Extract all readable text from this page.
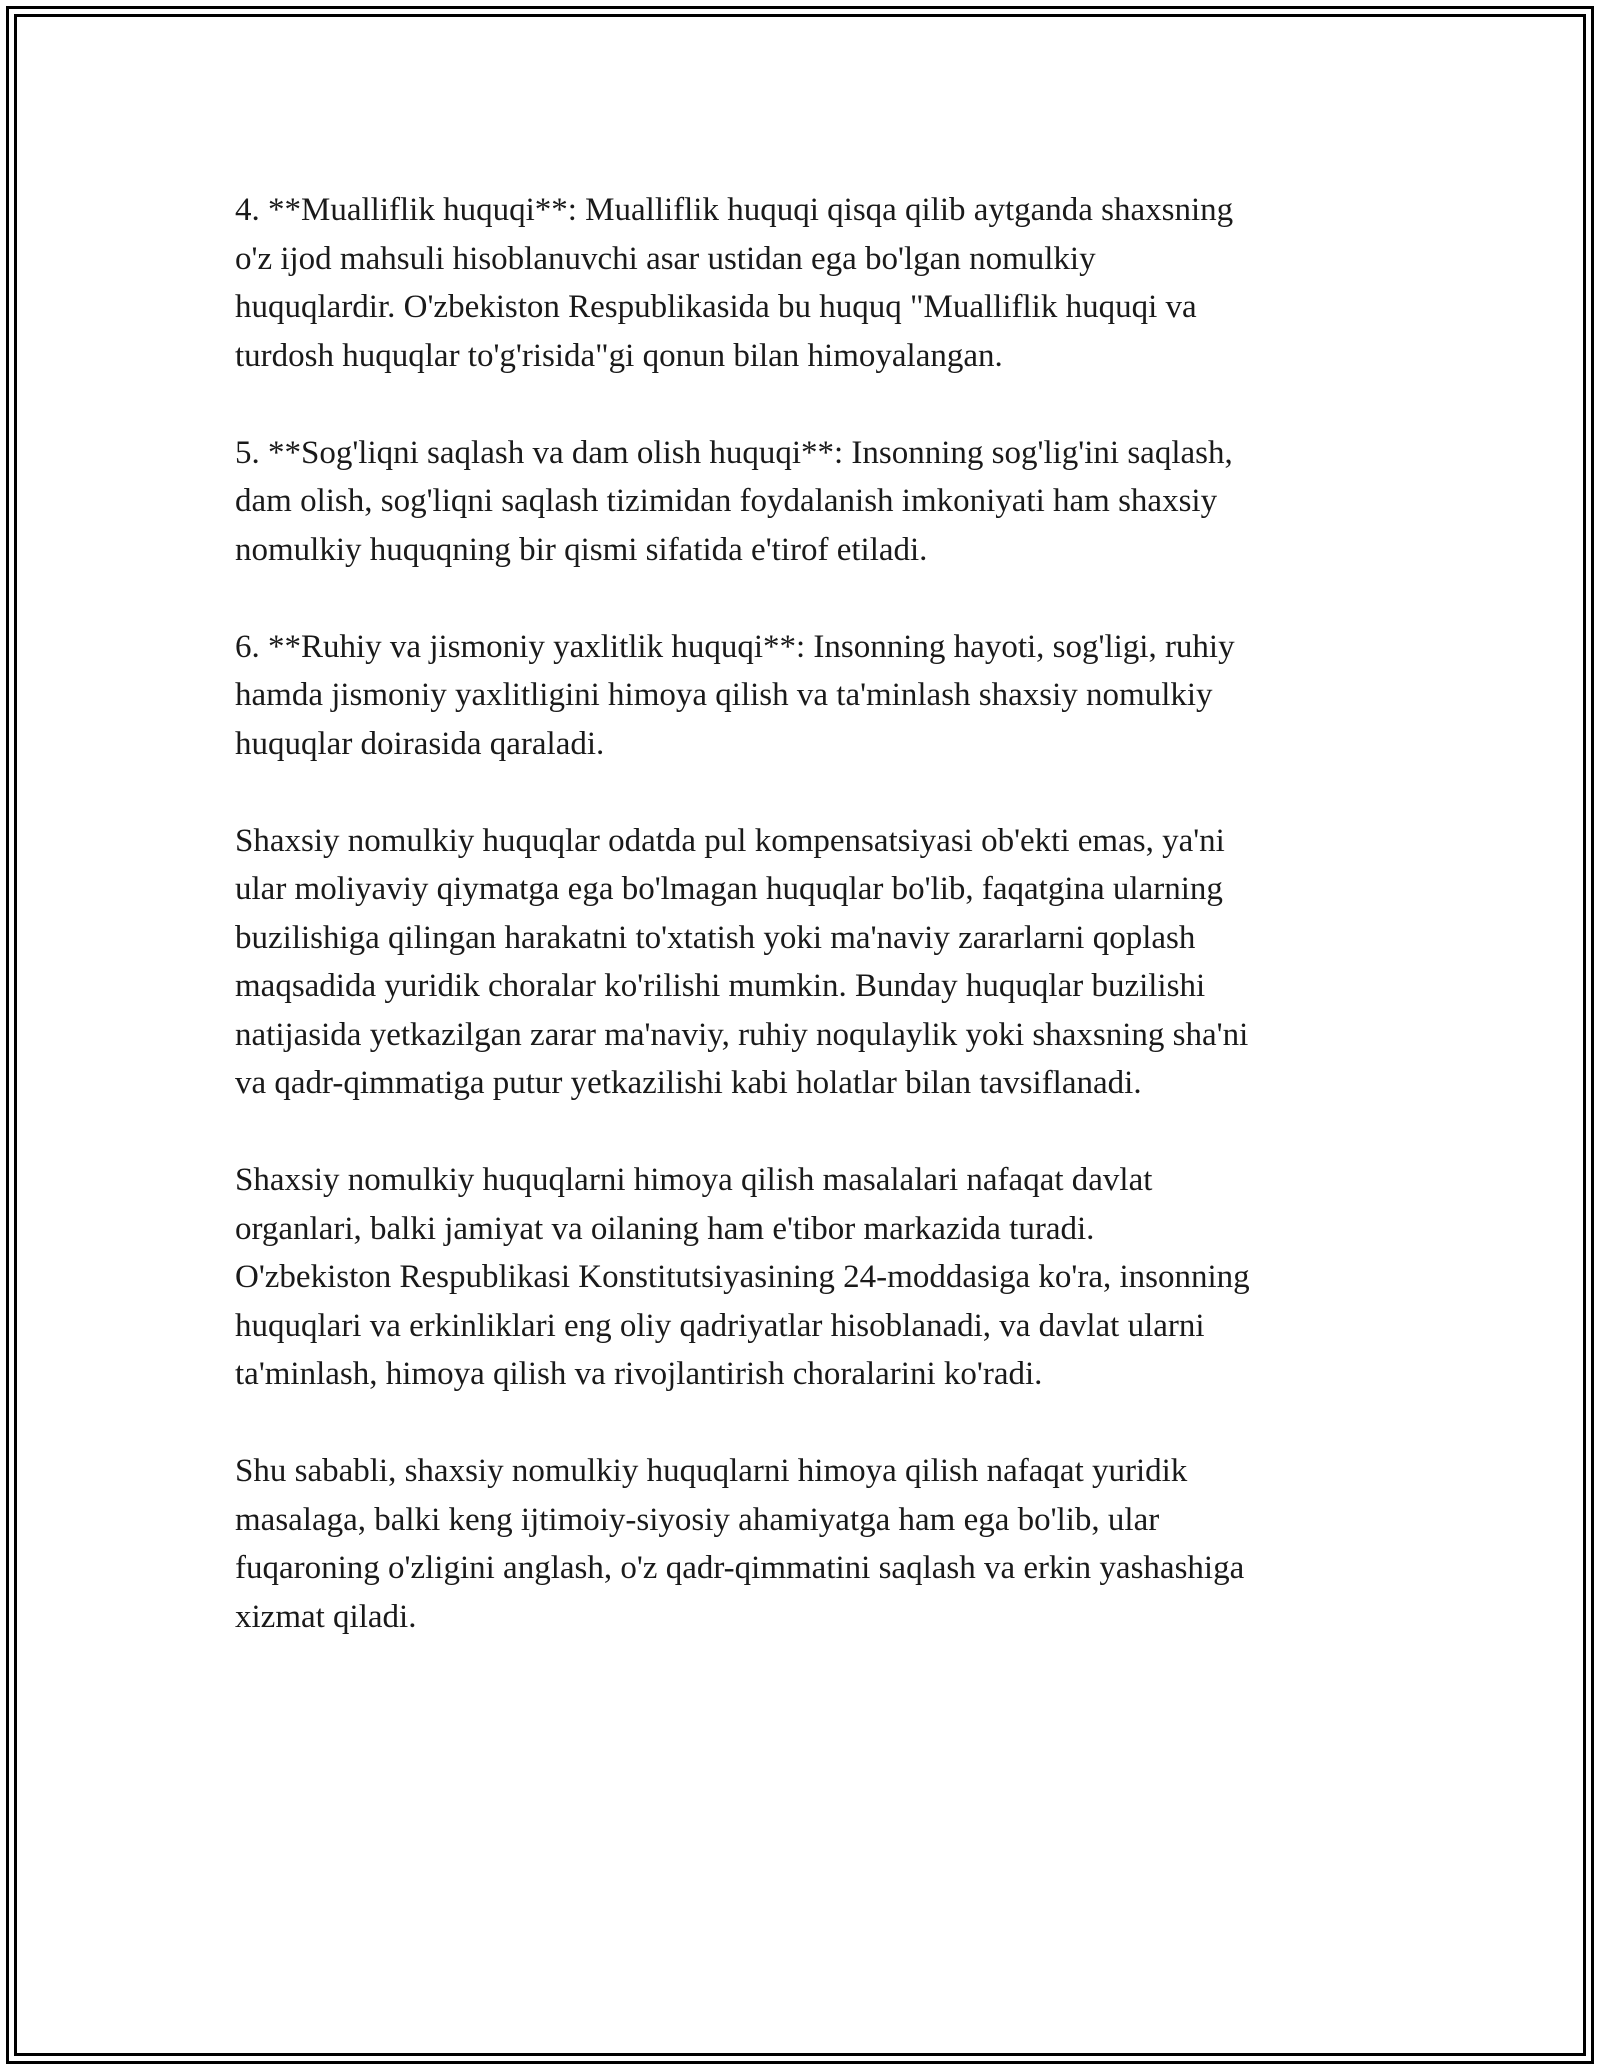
4. **Mualliflik huquqi**: Mualliflik huquqi qisqa qilib aytganda shaxsning
o'z ijod mahsuli hisoblanuvchi asar ustidan ega bo'lgan nomulkiy
huquqlardir. O'zbekiston Respublikasida bu huquq "Mualliflik huquqi va
turdosh huquqlar to'g'risida"gi qonun bilan himoyalangan.

5. **Sog'liqni saqlash va dam olish huquqi**: Insonning sog'lig'ini saqlash,
dam olish, sog'liqni saqlash tizimidan foydalanish imkoniyati ham shaxsiy
nomulkiy huquqning bir qismi sifatida e'tirof etiladi.

6. **Ruhiy va jismoniy yaxlitlik huquqi**: Insonning hayoti, sog'ligi, ruhiy
hamda jismoniy yaxlitligini himoya qilish va ta'minlash shaxsiy nomulkiy
huquqlar doirasida qaraladi.

Shaxsiy nomulkiy huquqlar odatda pul kompensatsiyasi ob'ekti emas, ya'ni
ular moliyaviy qiymatga ega bo'lmagan huquqlar bo'lib, faqatgina ularning
buzilishiga qilingan harakatni to'xtatish yoki ma'naviy zararlarni qoplash
maqsadida yuridik choralar ko'rilishi mumkin. Bunday huquqlar buzilishi
natijasida yetkazilgan zarar ma'naviy, ruhiy noqulaylik yoki shaxsning sha'ni
va qadr-qimmatiga putur yetkazilishi kabi holatlar bilan tavsiflanadi.

Shaxsiy nomulkiy huquqlarni himoya qilish masalalari nafaqat davlat
organlari, balki jamiyat va oilaning ham e'tibor markazida turadi.
O'zbekiston Respublikasi Konstitutsiyasining 24-moddasiga ko'ra, insonning
huquqlari va erkinliklari eng oliy qadriyatlar hisoblanadi, va davlat ularni
ta'minlash, himoya qilish va rivojlantirish choralarini ko'radi.

Shu sababli, shaxsiy nomulkiy huquqlarni himoya qilish nafaqat yuridik
masalaga, balki keng ijtimoiy-siyosiy ahamiyatga ham ega bo'lib, ular
fuqaroning o'zligini anglash, o'z qadr-qimmatini saqlash va erkin yashashiga
xizmat qiladi.
